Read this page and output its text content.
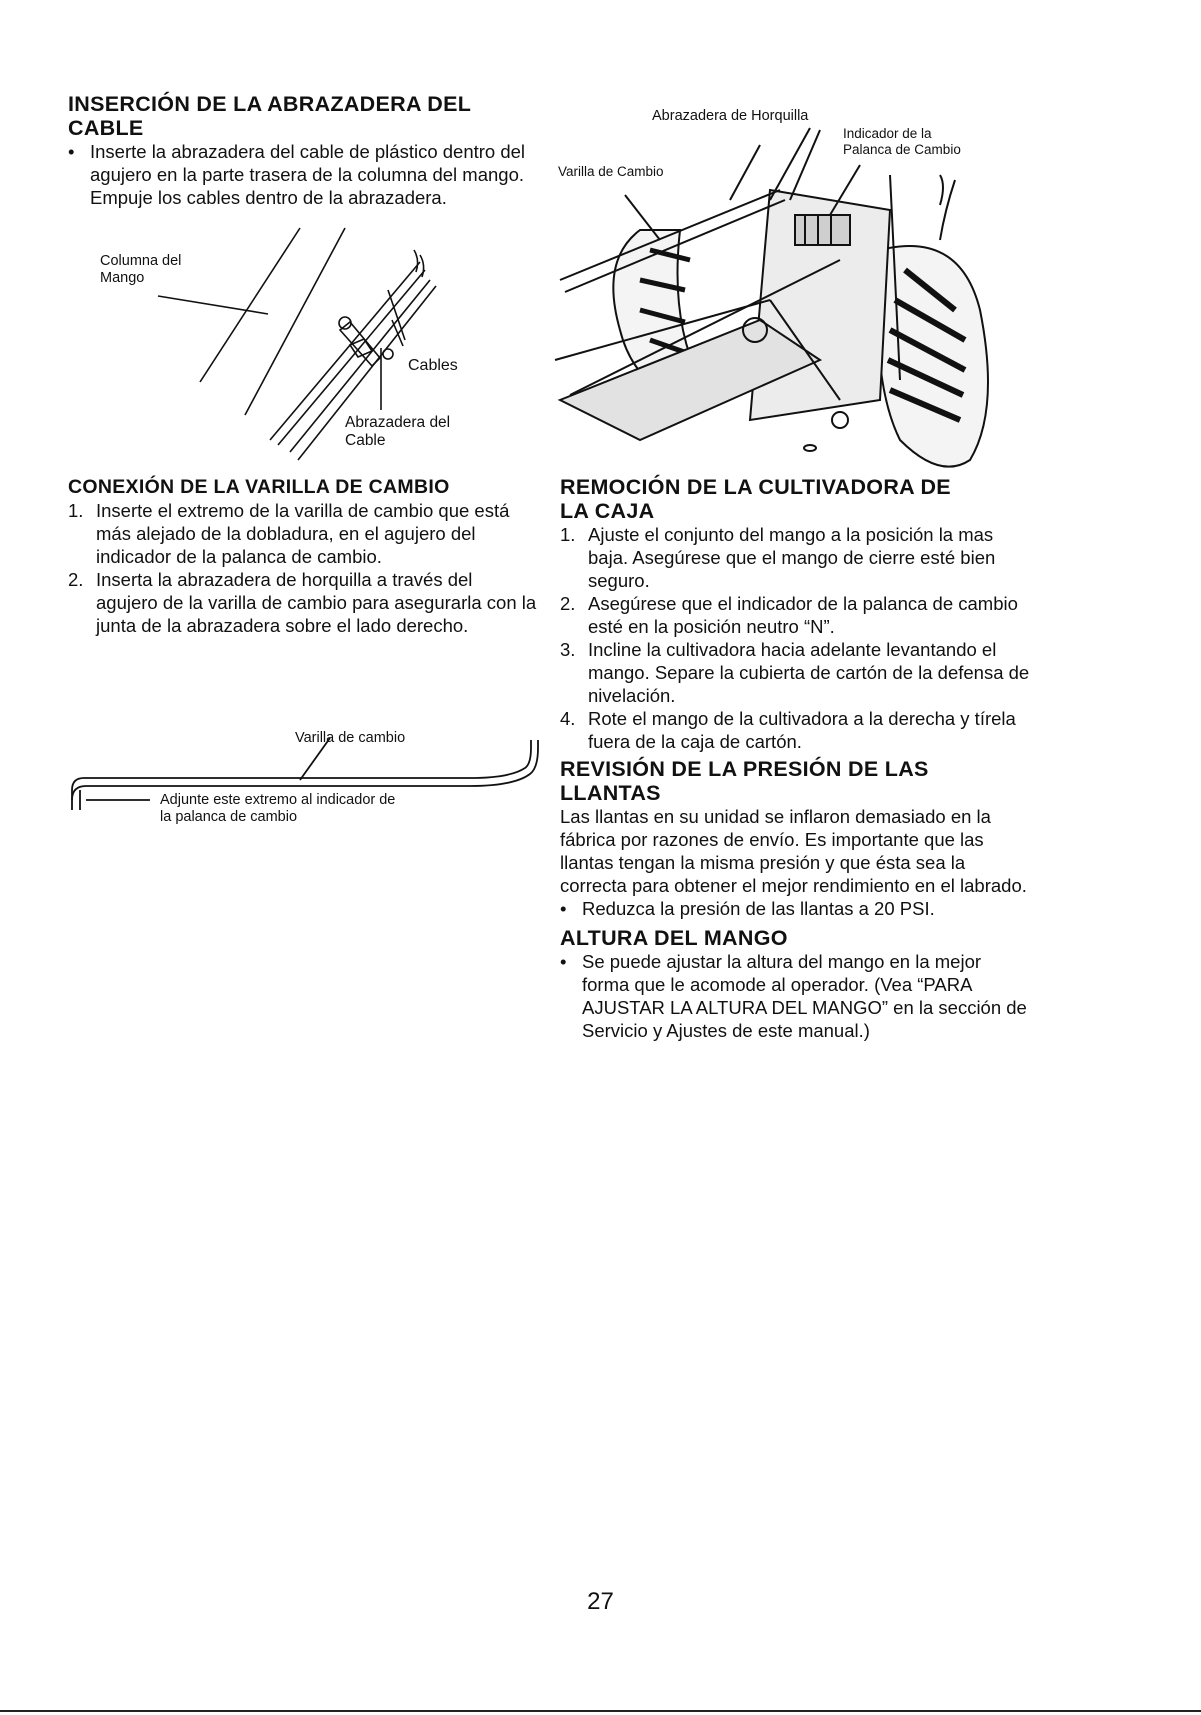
INSERCIÓN DE LA ABRAZADERA DEL
CABLE
• Inserte la abrazadera del cable de plástico dentro del agujero en la parte trasera de la columna del mango. Empuje los cables dentro de la abrazadera.

Columna del
Mango
Cables
Abrazadera del
Cable
CONEXIÓN DE LA VARILLA DE CAMBIO
1. Inserte el extremo de la varilla de cambio que está más alejado de la dobladura, en el agujero del indicador de la palanca de cambio.

2. Inserta la abrazadera de horquilla a través del agujero de la varilla de cambio para asegurarla con la junta de la abrazadera sobre el lado derecho.

Varilla de cambio
Adjunte este extremo al indicador de
la palanca de cambio
Abrazadera de Horquilla
Indicador de la
Palanca de Cambio
Varilla de Cambio
REMOCIÓN DE LA CULTIVADORA DE
LA CAJA
1. Ajuste el conjunto del mango a la posición la mas baja. Asegúrese que el mango de cierre esté bien seguro.

2. Asegúrese que el indicador de la palanca de cambio esté en la posición neutro “N”.

3. Incline la cultivadora hacia adelante levantando el mango. Separe la cubierta de cartón de la defensa de nivelación.

4. Rote el mango de la cultivadora a la derecha y tírela fuera de la caja de cartón.

REVISIÓN DE LA PRESIÓN DE LAS
LLANTAS

Las llantas en su unidad se inflaron demasiado en la fábrica por razones de envío. Es importante que las llantas tengan la misma presión y que ésta sea la correcta para obtener el mejor rendimiento en el labrado.

• Reduzca la presión de las llantas a 20 PSI.

ALTURA DEL MANGO
• Se puede ajustar la altura del mango en la mejor forma que le acomode al operador. (Vea “PARA AJUSTAR LA ALTURA DEL MANGO” en la sección de Servicio y Ajustes de este manual.)

27
